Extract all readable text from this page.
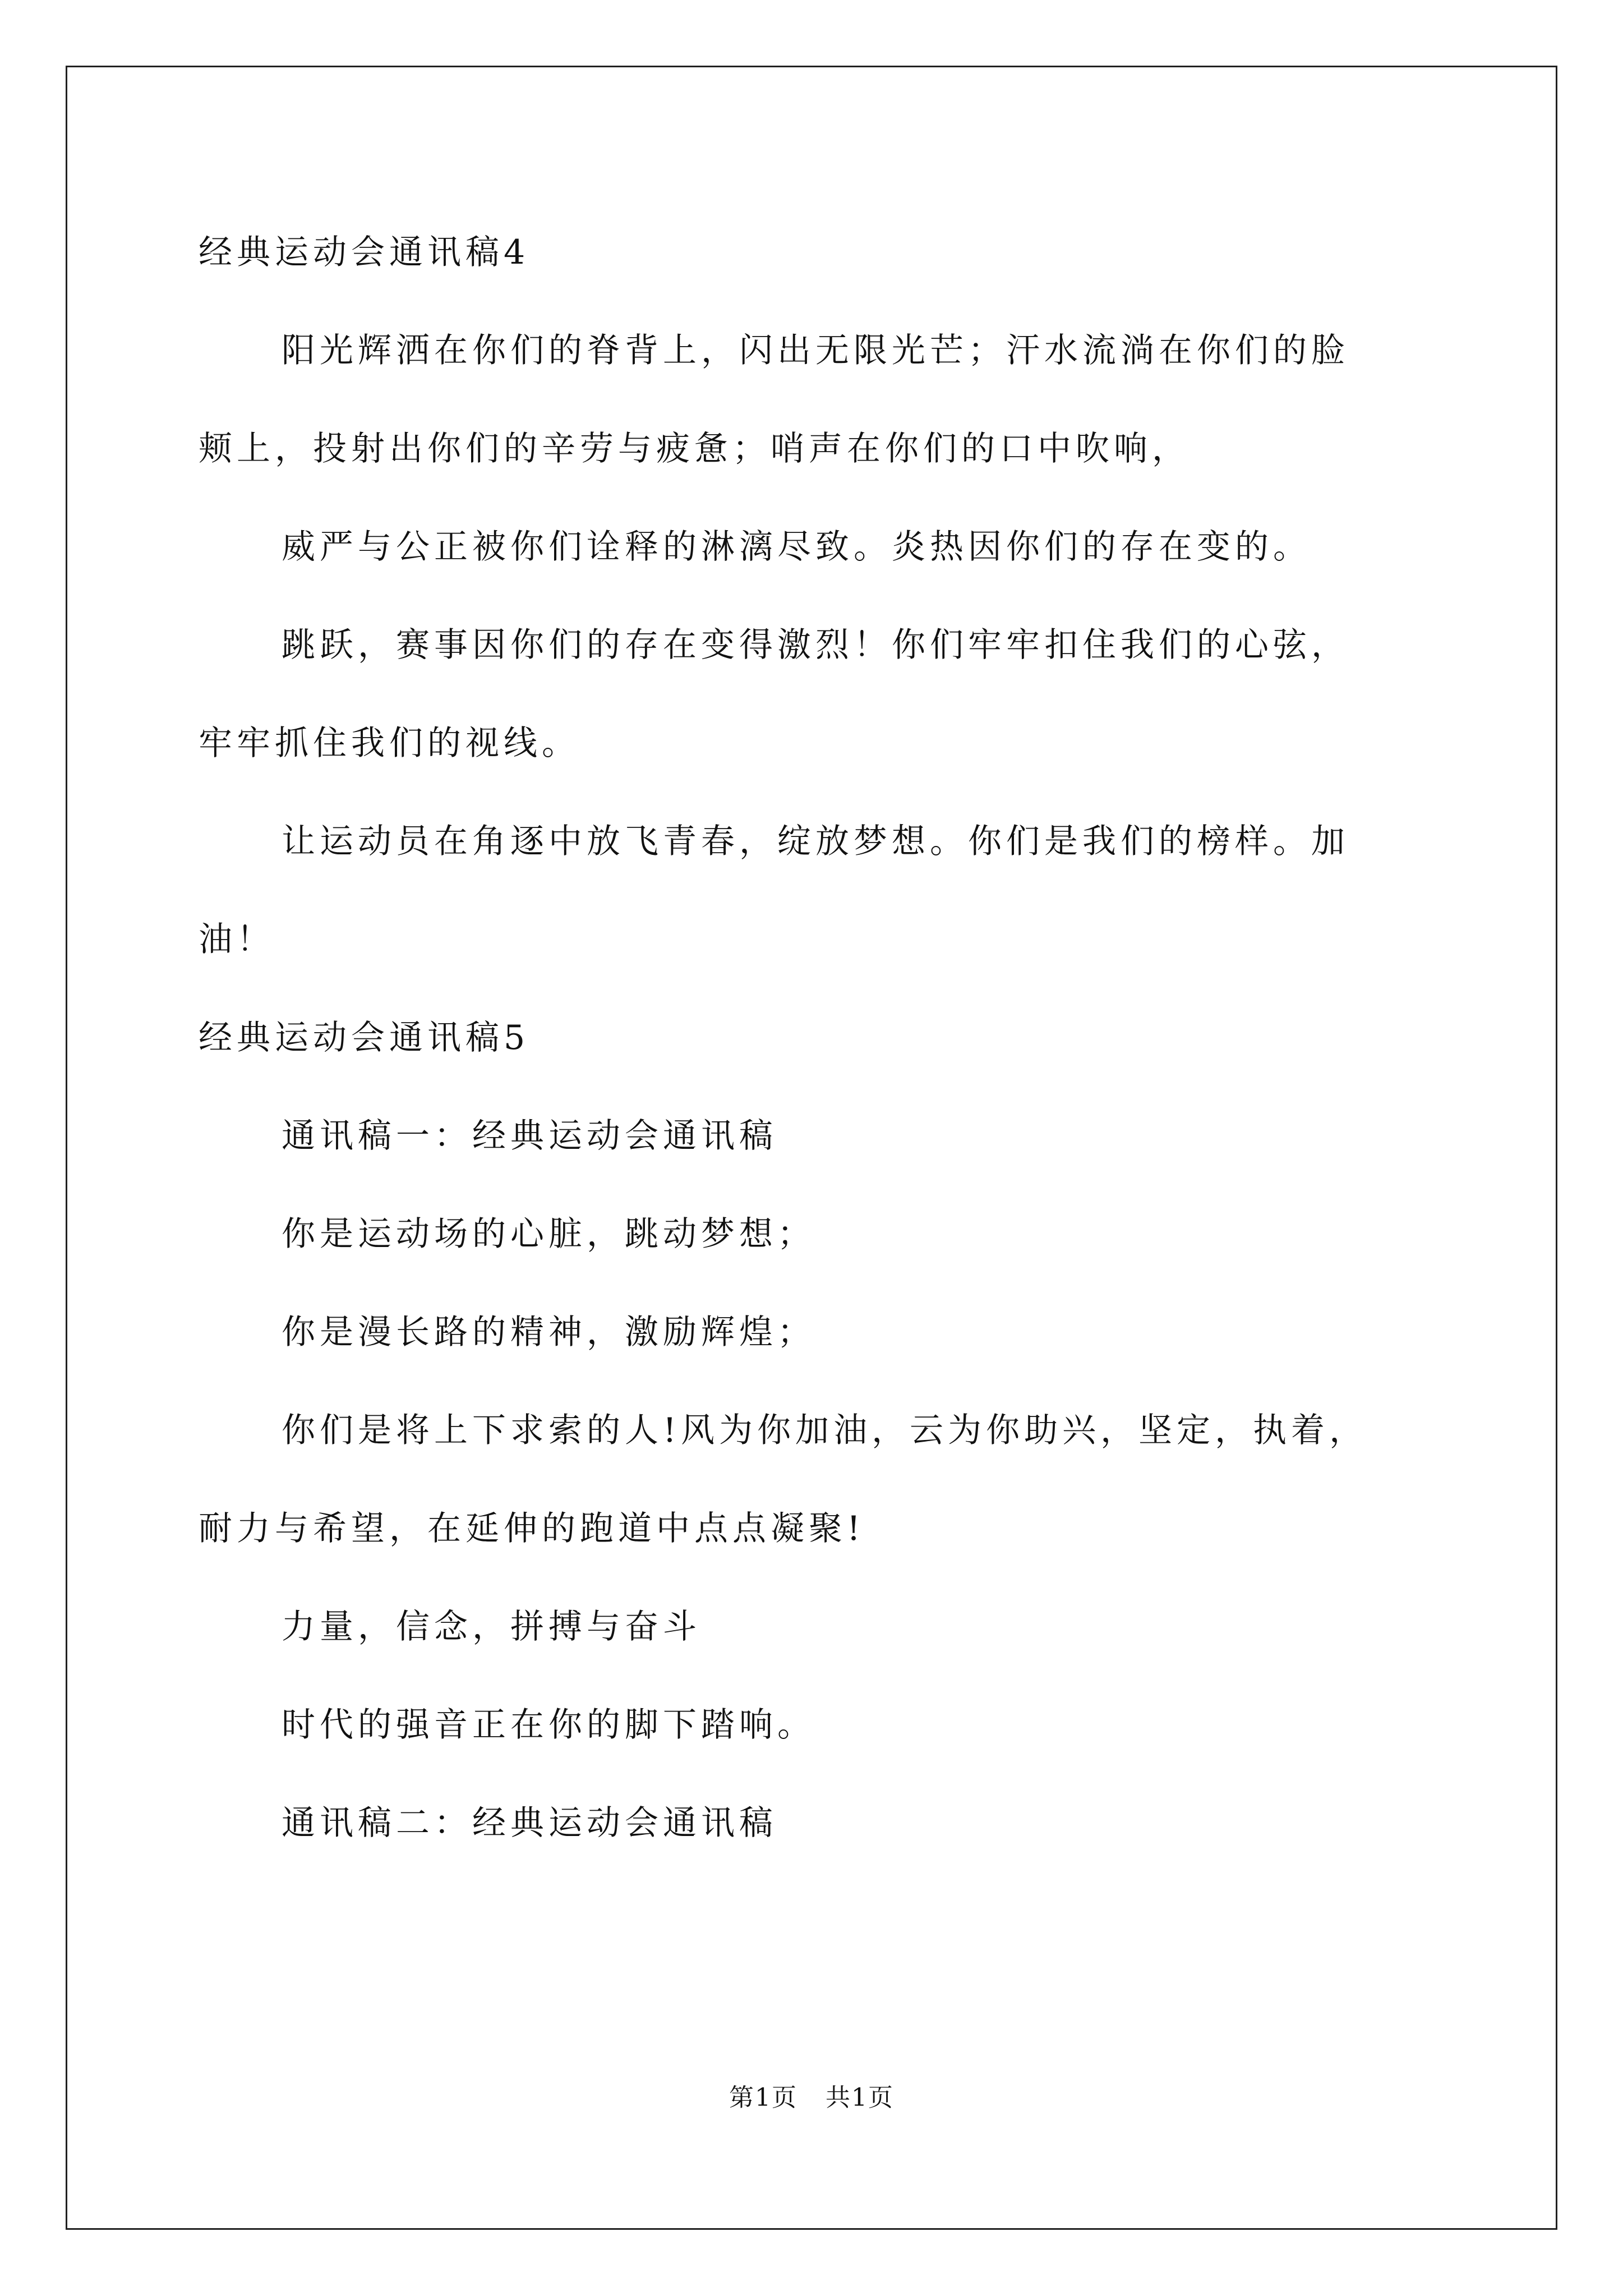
经典运动会通讯稿4
阳光辉洒在你们的脊背上，闪出无限光芒；汗水流淌在你们的脸
颊上，投射出你们的辛劳与疲惫；哨声在你们的口中吹响，
威严与公正被你们诠释的淋漓尽致。炎热因你们的存在变的。
跳跃，赛事因你们的存在变得激烈！你们牢牢扣住我们的心弦，
牢牢抓住我们的视线。
让运动员在角逐中放飞青春，绽放梦想。你们是我们的榜样。加
油！
经典运动会通讯稿5
通讯稿一：经典运动会通讯稿
你是运动场的心脏，跳动梦想；
你是漫长路的精神，激励辉煌；
你们是将上下求索的人!风为你加油，云为你助兴，坚定，执着，
耐力与希望，在延伸的跑道中点点凝聚!
力量，信念，拼搏与奋斗
时代的强音正在你的脚下踏响。
通讯稿二：经典运动会通讯稿
第1页 共1页
